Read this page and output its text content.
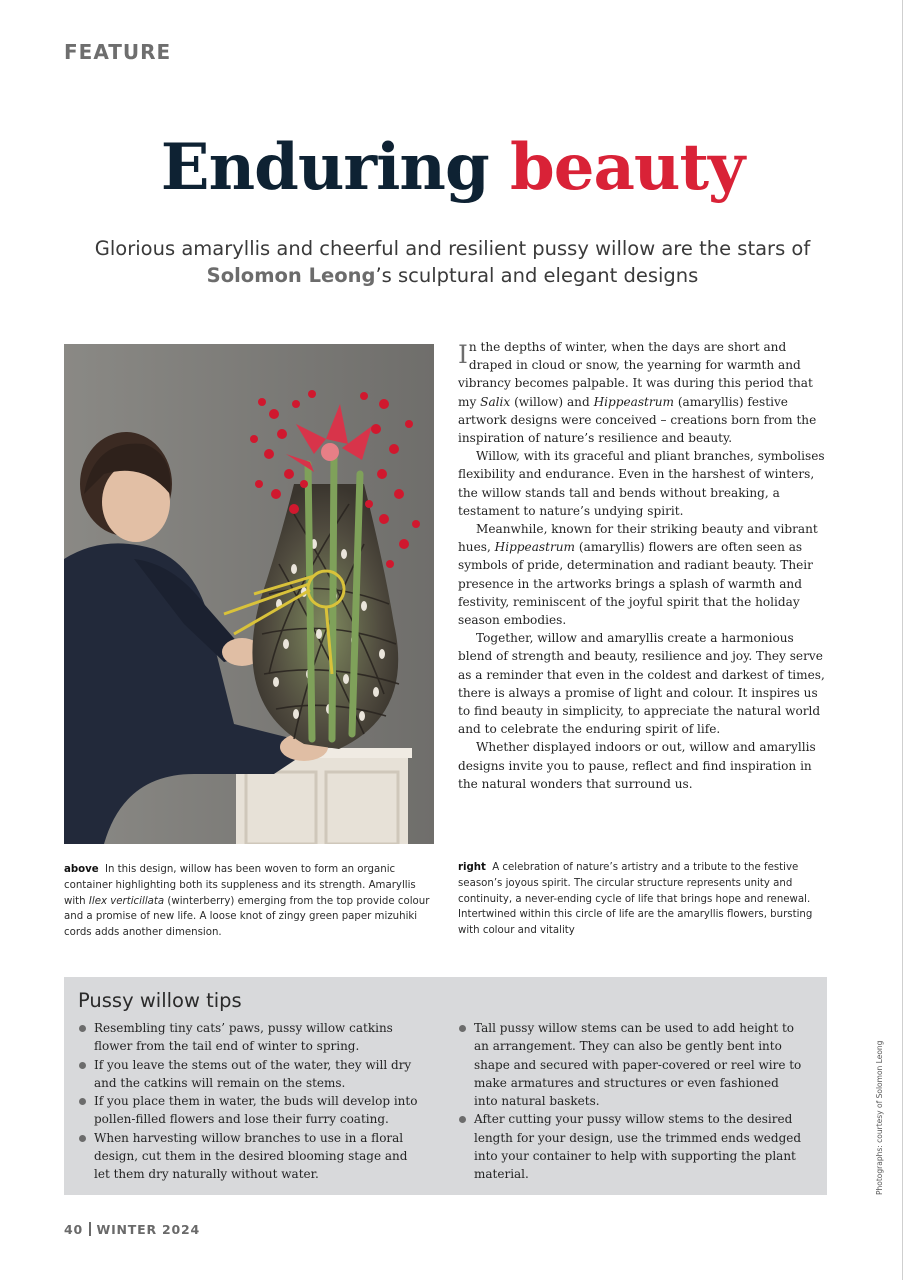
FEATURE
Enduring beauty
Glorious amaryllis and cheerful and resilient pussy willow are the stars of
Solomon Leong’s sculptural and elegant designs
above In this design, willow has been woven to form an organic container highlighting both its suppleness and its strength. Amaryllis with Ilex verticillata (winterberry) emerging from the top provide colour and a promise of new life. A loose knot of zingy green paper mizuhiki cords adds another dimension.

In the depths of winter, when the days are short and draped in cloud or snow, the yearning for warmth and vibrancy becomes palpable. It was during this period that my Salix (willow) and Hippeastrum (amaryllis) festive artwork designs were conceived – creations born from the inspiration of nature’s resilience and beauty.

Willow, with its graceful and pliant branches, symbolises flexibility and endurance. Even in the harshest of winters, the willow stands tall and bends without breaking, a testament to nature’s undying spirit.

Meanwhile, known for their striking beauty and vibrant hues, Hippeastrum (amaryllis) flowers are often seen as symbols of pride, determination and radiant beauty. Their presence in the artworks brings a splash of warmth and festivity, reminiscent of the joyful spirit that the holiday season embodies.

Together, willow and amaryllis create a harmonious blend of strength and beauty, resilience and joy. They serve as a reminder that even in the coldest and darkest of times, there is always a promise of light and colour. It inspires us to find beauty in simplicity, to appreciate the natural world and to celebrate the enduring spirit of life.

Whether displayed indoors or out, willow and amaryllis designs invite you to pause, reflect and find inspiration in the natural wonders that surround us.

right A celebration of nature’s artistry and a tribute to the festive season’s joyous spirit. The circular structure represents unity and continuity, a never-ending cycle of life that brings hope and renewal. Intertwined within this circle of life are the amaryllis flowers, bursting with colour and vitality
Pussy willow tips
Resembling tiny cats’ paws, pussy willow catkins flower from the tail end of winter to spring.
If you leave the stems out of the water, they will dry and the catkins will remain on the stems.
If you place them in water, the buds will develop into pollen-filled flowers and lose their furry coating.
When harvesting willow branches to use in a floral design, cut them in the desired blooming stage and let them dry naturally without water.
Tall pussy willow stems can be used to add height to an arrangement. They can also be gently bent into shape and secured with paper-covered or reel wire to make armatures and structures or even fashioned into natural baskets.
After cutting your pussy willow stems to the desired length for your design, use the trimmed ends wedged into your container to help with supporting the plant material.	Photographs: courtesy of Solomon Leong
40 WINTER 2024
